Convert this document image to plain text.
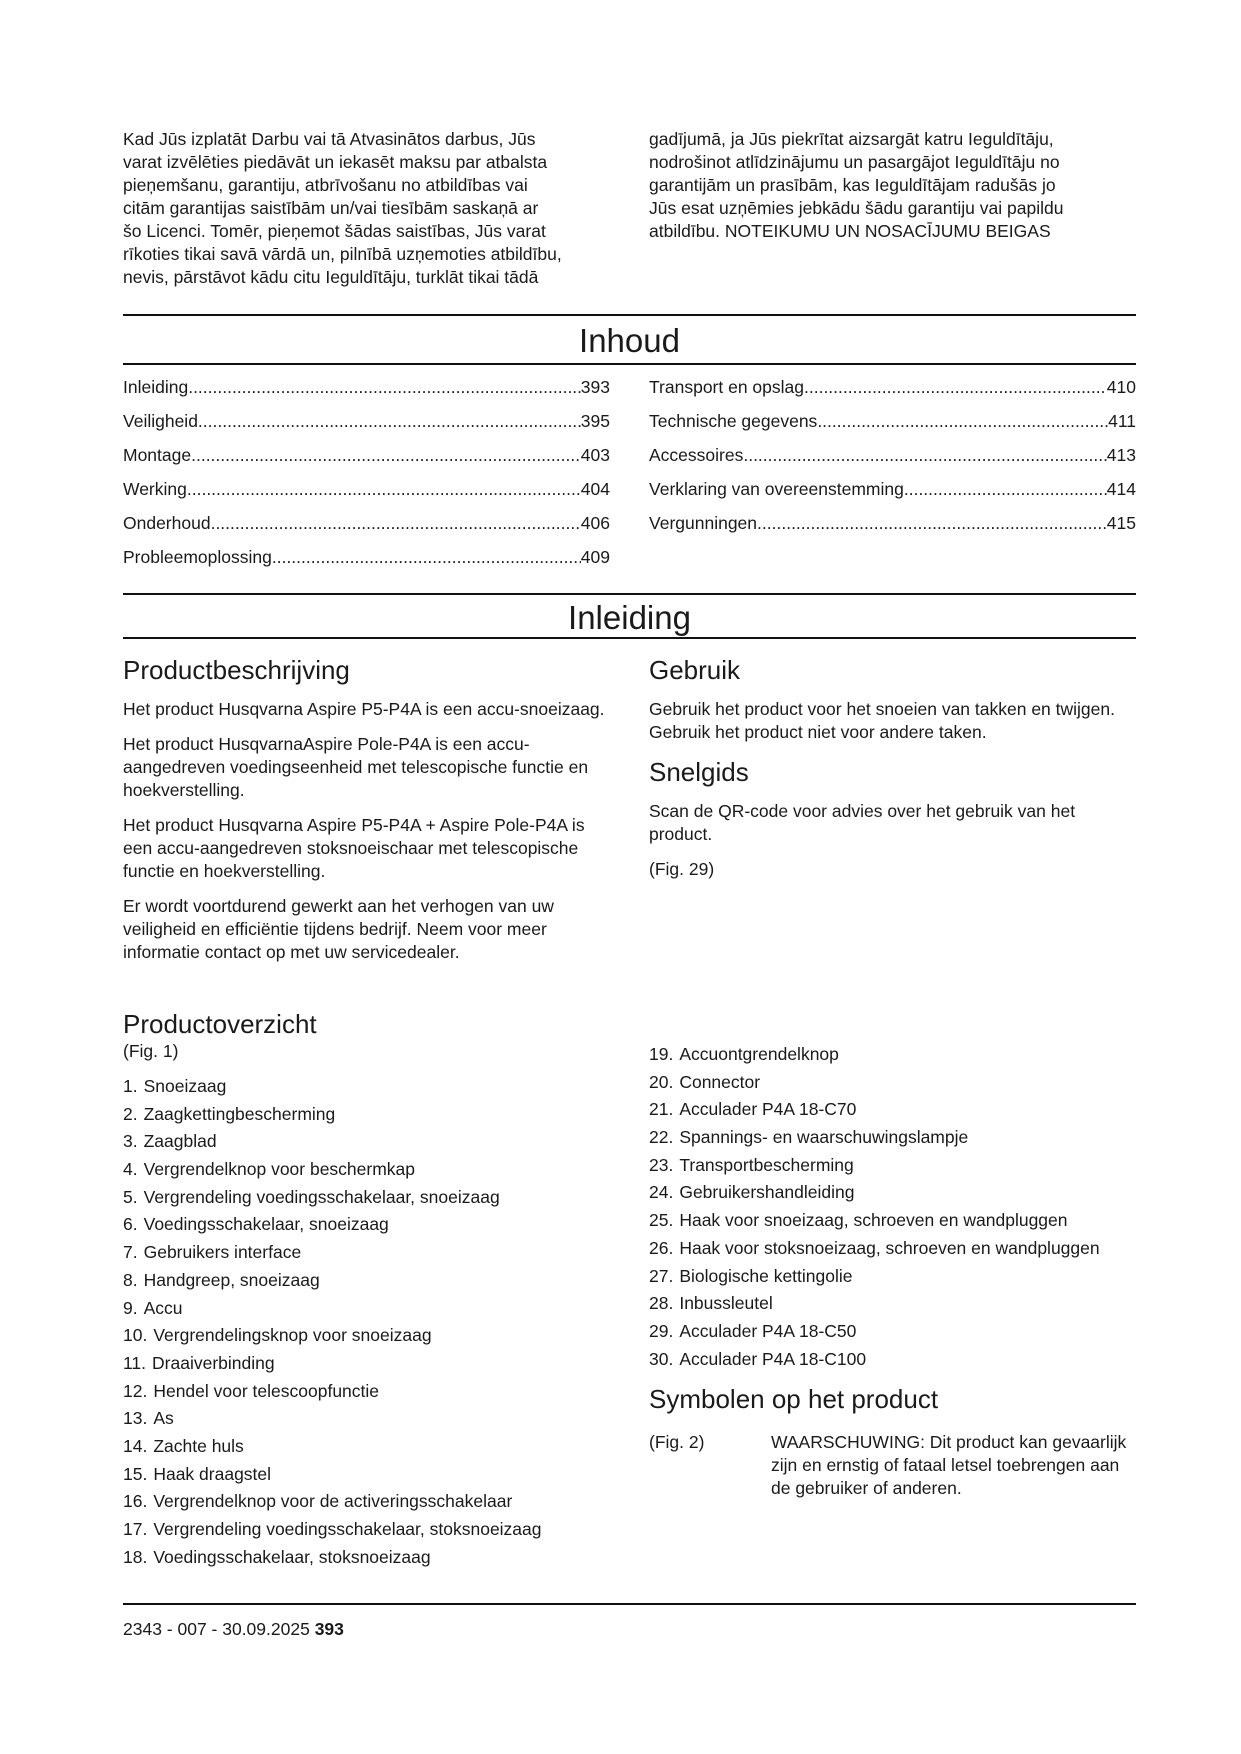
Kad Jūs izplatāt Darbu vai tā Atvasinātos darbus, Jūs

varat izvēlēties piedāvāt un iekasēt maksu par atbalsta

pieņemšanu, garantiju, atbrīvošanu no atbildības vai

citām garantijas saistībām un/vai tiesībām saskaņā ar

šo Licenci. Tomēr, pieņemot šādas saistības, Jūs varat

rīkoties tikai savā vārdā un, pilnībā uzņemoties atbildību,

nevis, pārstāvot kādu citu Ieguldītāju, turklāt tikai tādā

gadījumā, ja Jūs piekrītat aizsargāt katru Ieguldītāju,

nodrošinot atlīdzinājumu un pasargājot Ieguldītāju no

garantijām un prasībām, kas Ieguldītājam radušās jo

Jūs esat uzņēmies jebkādu šādu garantiju vai papildu

atbildību. NOTEIKUMU UN NOSACĪJUMU BEIGAS

Inhoud
Inleiding .....	393
Veiligheid .....	395
Montage .....	403
Werking .....	404
Onderhoud .....	406
Probleemoplossing .....	409
Transport en opslag .....	410
Technische gegevens .....	411
Accessoires .....	413
Verklaring van overeenstemming .....	414
Vergunningen .....	415
Inleiding
Productbeschrijving

Het product Husqvarna Aspire P5-P4A is een accu-snoeizaag.

Het product HusqvarnaAspire Pole-P4A is een accu-aangedreven voedingseenheid met telescopische functie en hoekverstelling.

Het product Husqvarna Aspire P5-P4A + Aspire Pole-P4A is een accu-aangedreven stoksnoeischaar met telescopische functie en hoekverstelling.

Er wordt voortdurend gewerkt aan het verhogen van uw veiligheid en efficiëntie tijdens bedrijf. Neem voor meer informatie contact op met uw servicedealer.

Gebruik

Gebruik het product voor het snoeien van takken en twijgen. Gebruik het product niet voor andere taken.

Snelgids

Scan de QR-code voor advies over het gebruik van het product.

(Fig. 29)

Productoverzicht

(Fig. 1)

1. Snoeizaag
2. Zaagkettingbescherming
3. Zaagblad
4. Vergrendelknop voor beschermkap
5. Vergrendeling voedingsschakelaar, snoeizaag
6. Voedingsschakelaar, snoeizaag
7. Gebruikers interface
8. Handgreep, snoeizaag
9. Accu
10. Vergrendelingsknop voor snoeizaag
11. Draaiverbinding
12. Hendel voor telescoopfunctie
13. As
14. Zachte huls
15. Haak draagstel
16. Vergrendelknop voor de activeringsschakelaar
17. Vergrendeling voedingsschakelaar, stoksnoeizaag
18. Voedingsschakelaar, stoksnoeizaag
19. Accuontgrendelknop
20. Connector
21. Acculader P4A 18-C70
22. Spannings- en waarschuwingslampje
23. Transportbescherming
24. Gebruikershandleiding
25. Haak voor snoeizaag, schroeven en wandpluggen
26. Haak voor stoksnoeizaag, schroeven en wandpluggen
27. Biologische kettingolie
28. Inbussleutel
29. Acculader P4A 18-C50
30. Acculader P4A 18-C100
Symbolen op het product
(Fig. 2)	WAARSCHUWING: Dit product kan gevaarlijk zijn en ernstig of fataal letsel toebrengen aan de gebruiker of anderen.
2343 - 007 - 30.09.2025 393
